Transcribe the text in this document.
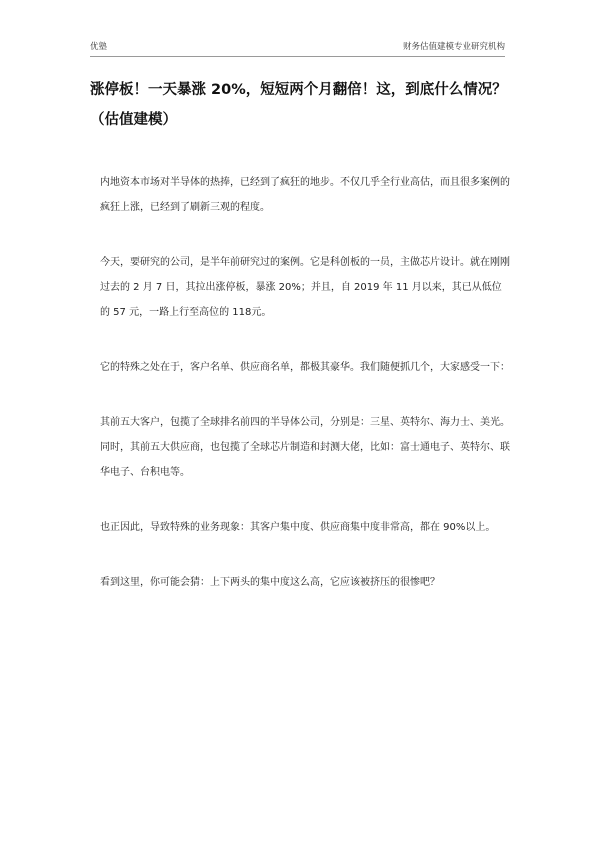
优塾	财务估值建模专业研究机构
涨停板！一天暴涨 20%，短短两个月翻倍！这，到底什么情况？（估值建模）

内地资本市场对半导体的热捧，已经到了疯狂的地步。不仅几乎全行业高估，而且很多案例的疯狂上涨，已经到了刷新三观的程度。

今天，要研究的公司，是半年前研究过的案例。它是科创板的一员，主做芯片设计。就在刚刚过去的 2 月 7 日，其拉出涨停板，暴涨 20%；并且，自 2019 年 11 月以来，其已从低位的 57 元，一路上行至高位的 118元。

它的特殊之处在于，客户名单、供应商名单，都极其豪华。我们随便抓几个，大家感受一下：

其前五大客户，包揽了全球排名前四的半导体公司，分别是：三星、英特尔、海力士、美光。同时，其前五大供应商，也包揽了全球芯片制造和封测大佬，比如：富士通电子、英特尔、联华电子、台积电等。

也正因此，导致特殊的业务现象：其客户集中度、供应商集中度非常高，都在 90%以上。

看到这里，你可能会猜：上下两头的集中度这么高，它应该被挤压的很惨吧？
